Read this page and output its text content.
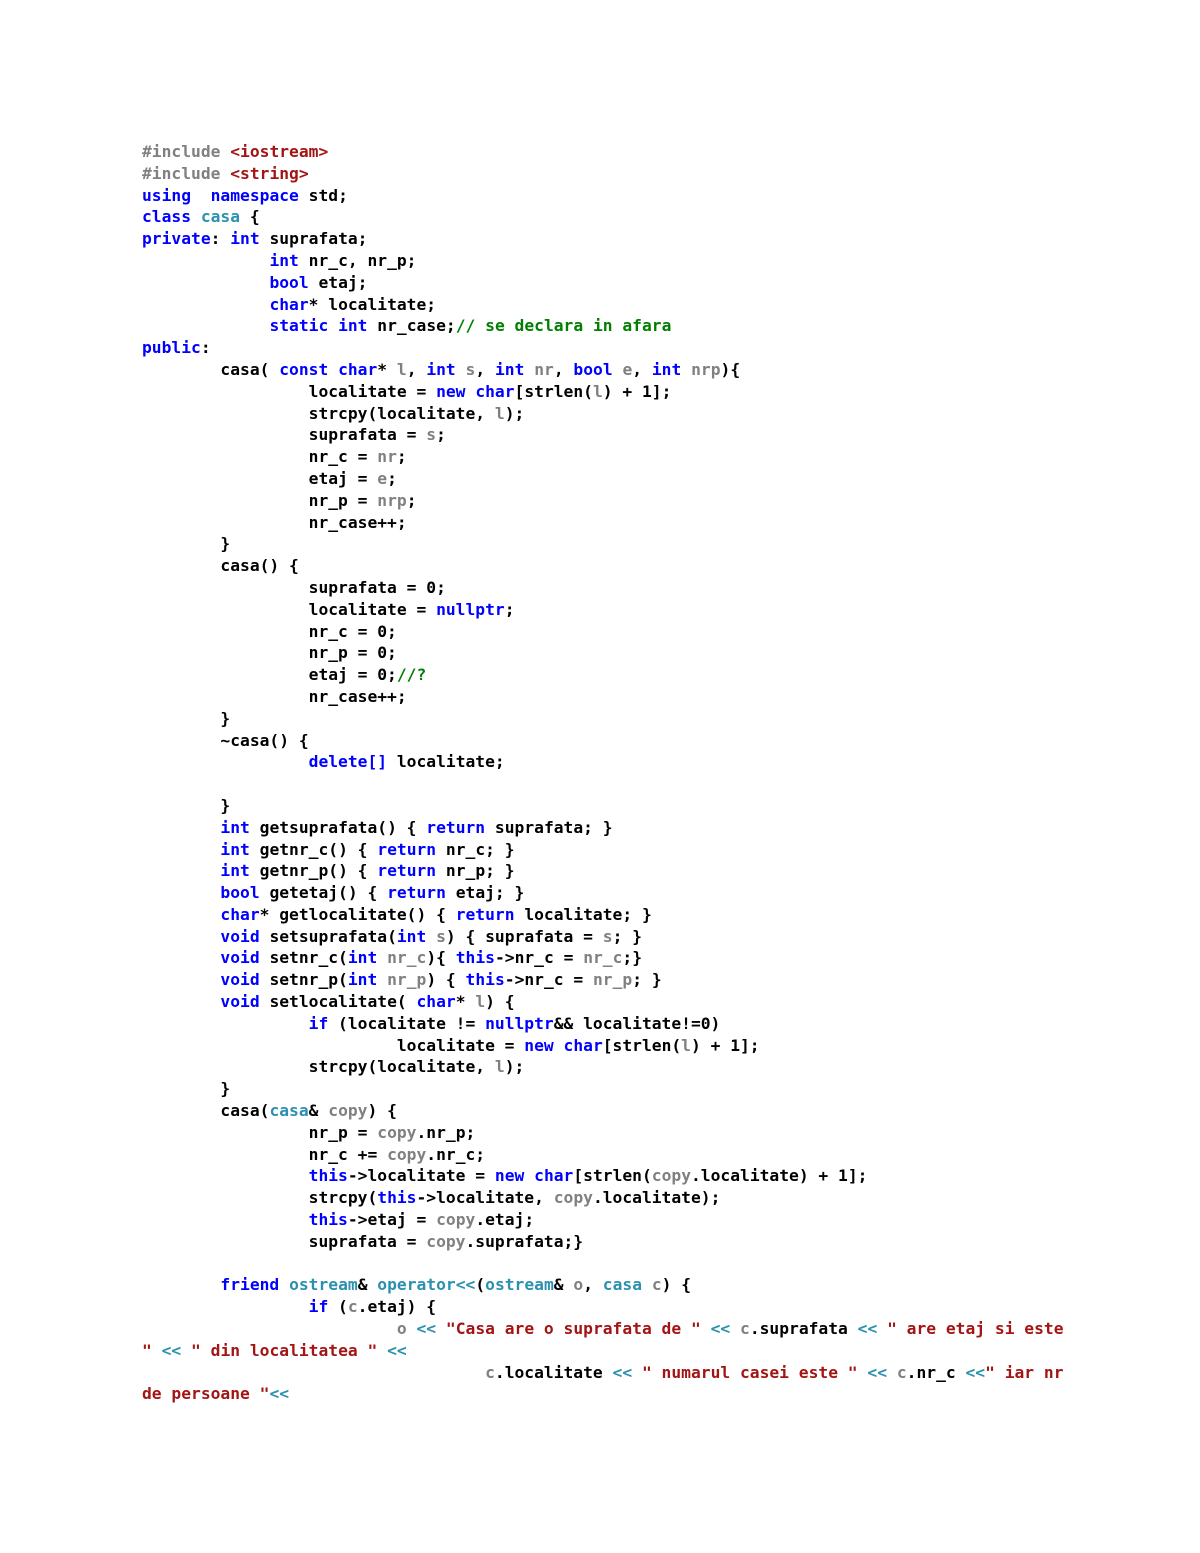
#include <iostream>
#include <string>
using namespace std;
class casa {
private: int suprafata;
int nr_c, nr_p;
bool etaj;
char* localitate;
static int nr_case;// se declara in afara
public:
casa( const char* l, int s, int nr, bool e, int nrp){
localitate = new char[strlen(l) + 1];
strcpy(localitate, l);
suprafata = s;
nr_c = nr;
etaj = e;
nr_p = nrp;
nr_case++;
}
casa() {
suprafata = 0;
localitate = nullptr;
nr_c = 0;
nr_p = 0;
etaj = 0;//?
nr_case++;
}
~casa() {
delete[] localitate;

}
int getsuprafata() { return suprafata; }
int getnr_c() { return nr_c; }
int getnr_p() { return nr_p; }
bool getetaj() { return etaj; }
char* getlocalitate() { return localitate; }
void setsuprafata(int s) { suprafata = s; }
void setnr_c(int nr_c){ this->nr_c = nr_c;}
void setnr_p(int nr_p) { this->nr_c = nr_p; }
void setlocalitate( char* l) {
if (localitate != nullptr&& localitate!=0)
localitate = new char[strlen(l) + 1];
strcpy(localitate, l);
}
casa(casa& copy) {
nr_p = copy.nr_p;
nr_c += copy.nr_c;
this->localitate = new char[strlen(copy.localitate) + 1];
strcpy(this->localitate, copy.localitate);
this->etaj = copy.etaj;
suprafata = copy.suprafata;}

friend ostream& operator<<(ostream& o, casa c) {
if (c.etaj) {
o << "Casa are o suprafata de " << c.suprafata << " are etaj si este
" << " din localitatea " <<
c.localitate << " numarul casei este " << c.nr_c <<" iar nr
de persoane "<<
